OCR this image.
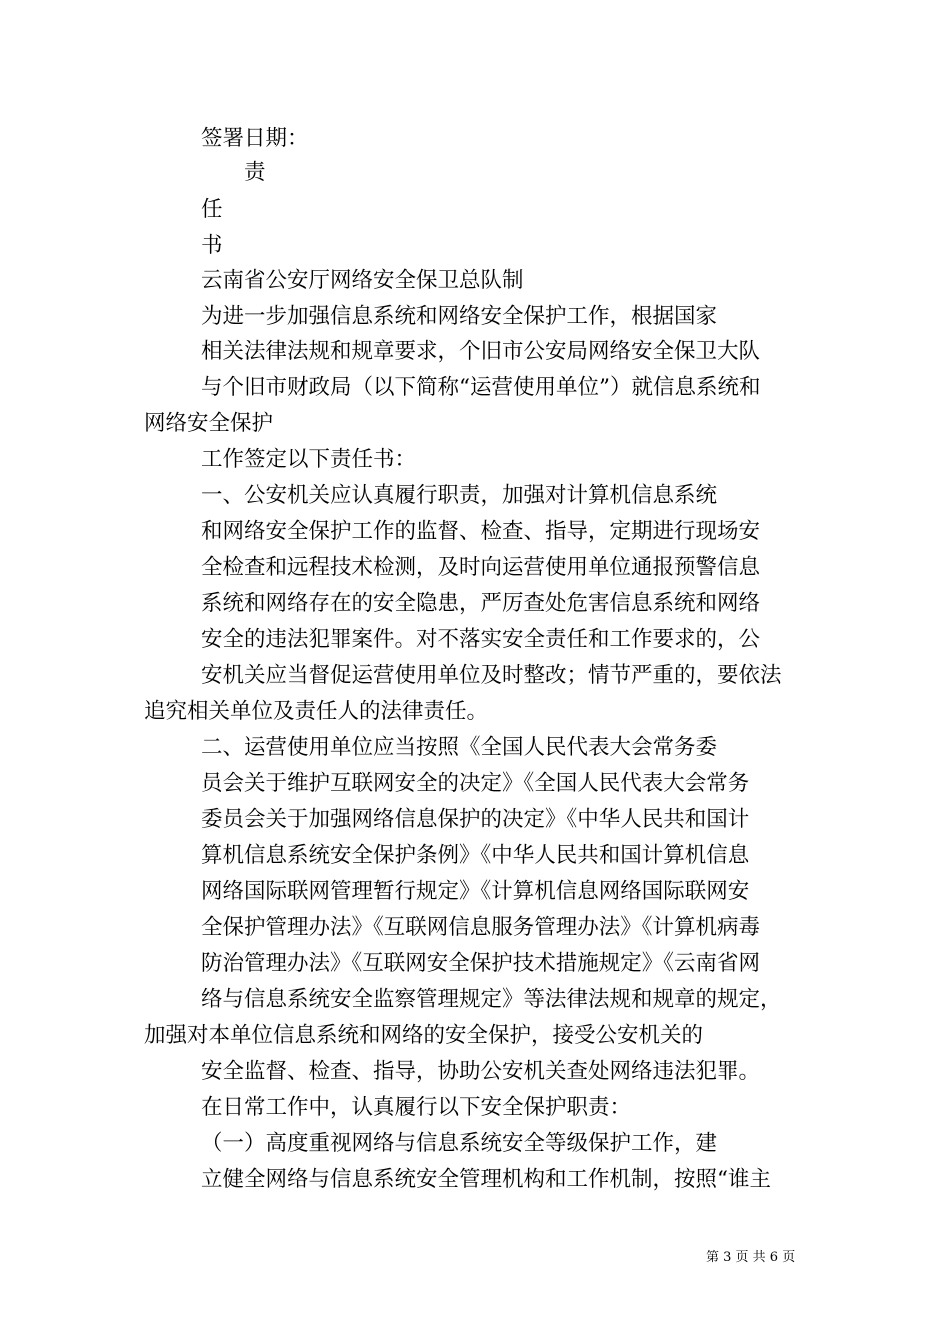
签署日期：
责
任
书
云南省公安厅网络安全保卫总队制
为进一步加强信息系统和网络安全保护工作，根据国家
相关法律法规和规章要求，个旧市公安局网络安全保卫大队
与个旧市财政局（以下简称“运营使用单位”）就信息系统和
网络安全保护
工作签定以下责任书：
一、公安机关应认真履行职责，加强对计算机信息系统
和网络安全保护工作的监督、检查、指导，定期进行现场安
全检查和远程技术检测，及时向运营使用单位通报预警信息
系统和网络存在的安全隐患，严厉查处危害信息系统和网络
安全的违法犯罪案件。对不落实安全责任和工作要求的，公
安机关应当督促运营使用单位及时整改；情节严重的，要依法
追究相关单位及责任人的法律责任。
二、运营使用单位应当按照《全国人民代表大会常务委
员会关于维护互联网安全的决定》《全国人民代表大会常务
委员会关于加强网络信息保护的决定》《中华人民共和国计
算机信息系统安全保护条例》《中华人民共和国计算机信息
网络国际联网管理暂行规定》《计算机信息网络国际联网安
全保护管理办法》《互联网信息服务管理办法》《计算机病毒
防治管理办法》《互联网安全保护技术措施规定》《云南省网
络与信息系统安全监察管理规定》等法律法规和规章的规定，
加强对本单位信息系统和网络的安全保护，接受公安机关的
安全监督、检查、指导，协助公安机关查处网络违法犯罪。
在日常工作中，认真履行以下安全保护职责：
（一）高度重视网络与信息系统安全等级保护工作，建
立健全网络与信息系统安全管理机构和工作机制，按照“谁主
第 3 页 共 6 页
